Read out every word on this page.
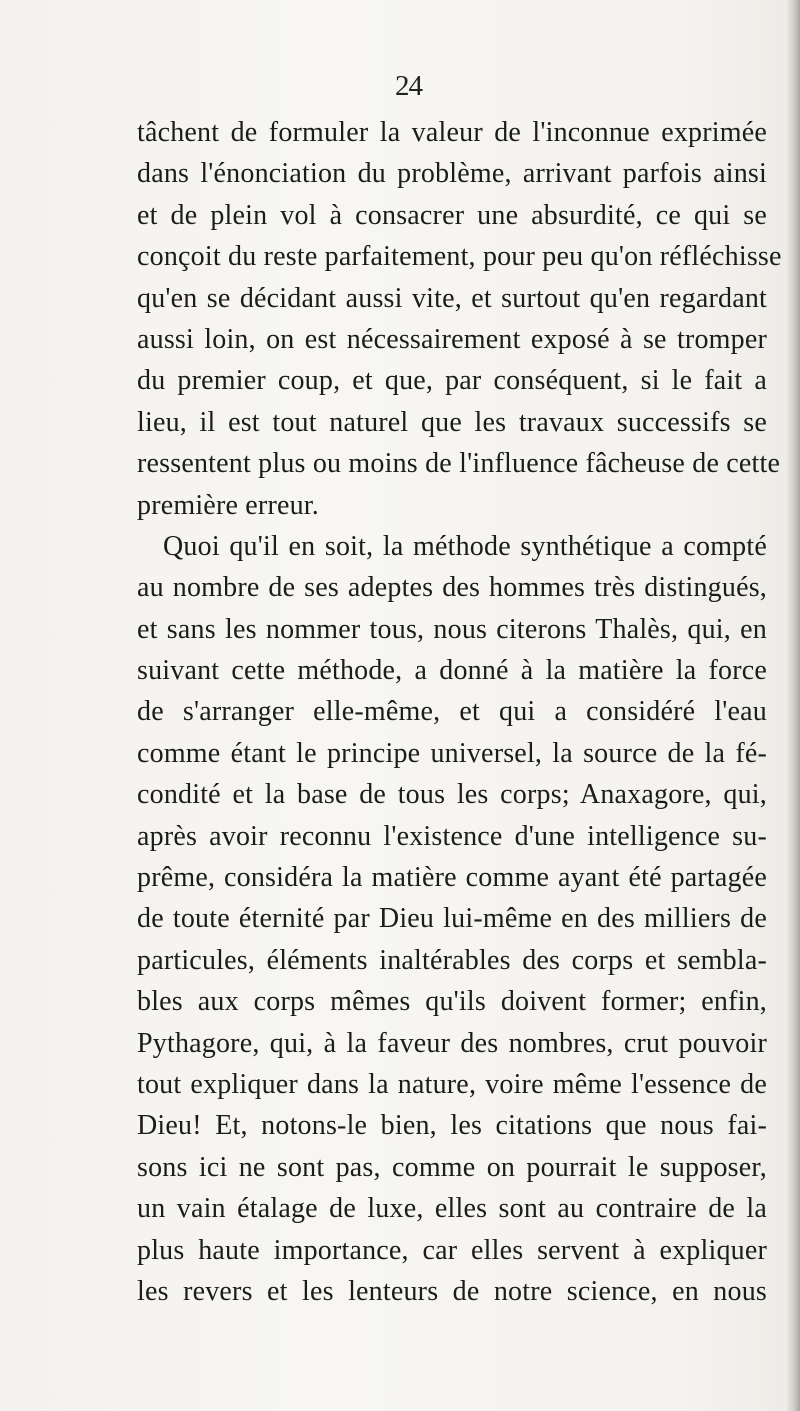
24
tâchent de formuler la valeur de l'inconnue exprimée
dans l'énonciation du problème, arrivant parfois ainsi
et de plein vol à consacrer une absurdité, ce qui se
conçoit du reste parfaitement, pour peu qu'on réfléchisse
qu'en se décidant aussi vite, et surtout qu'en regardant
aussi loin, on est nécessairement exposé à se tromper
du premier coup, et que, par conséquent, si le fait a
lieu, il est tout naturel que les travaux successifs se
ressentent plus ou moins de l'influence fâcheuse de cette
première erreur.
Quoi qu'il en soit, la méthode synthétique a compté
au nombre de ses adeptes des hommes très distingués,
et sans les nommer tous, nous citerons Thalès, qui, en
suivant cette méthode, a donné à la matière la force
de s'arranger elle-même, et qui a considéré l'eau
comme étant le principe universel, la source de la fé-
condité et la base de tous les corps; Anaxagore, qui,
après avoir reconnu l'existence d'une intelligence su-
prême, considéra la matière comme ayant été partagée
de toute éternité par Dieu lui-même en des milliers de
particules, éléments inaltérables des corps et sembla-
bles aux corps mêmes qu'ils doivent former; enfin,
Pythagore, qui, à la faveur des nombres, crut pouvoir
tout expliquer dans la nature, voire même l'essence de
Dieu! Et, notons-le bien, les citations que nous fai-
sons ici ne sont pas, comme on pourrait le supposer,
un vain étalage de luxe, elles sont au contraire de la
plus haute importance, car elles servent à expliquer
les revers et les lenteurs de notre science, en nous
